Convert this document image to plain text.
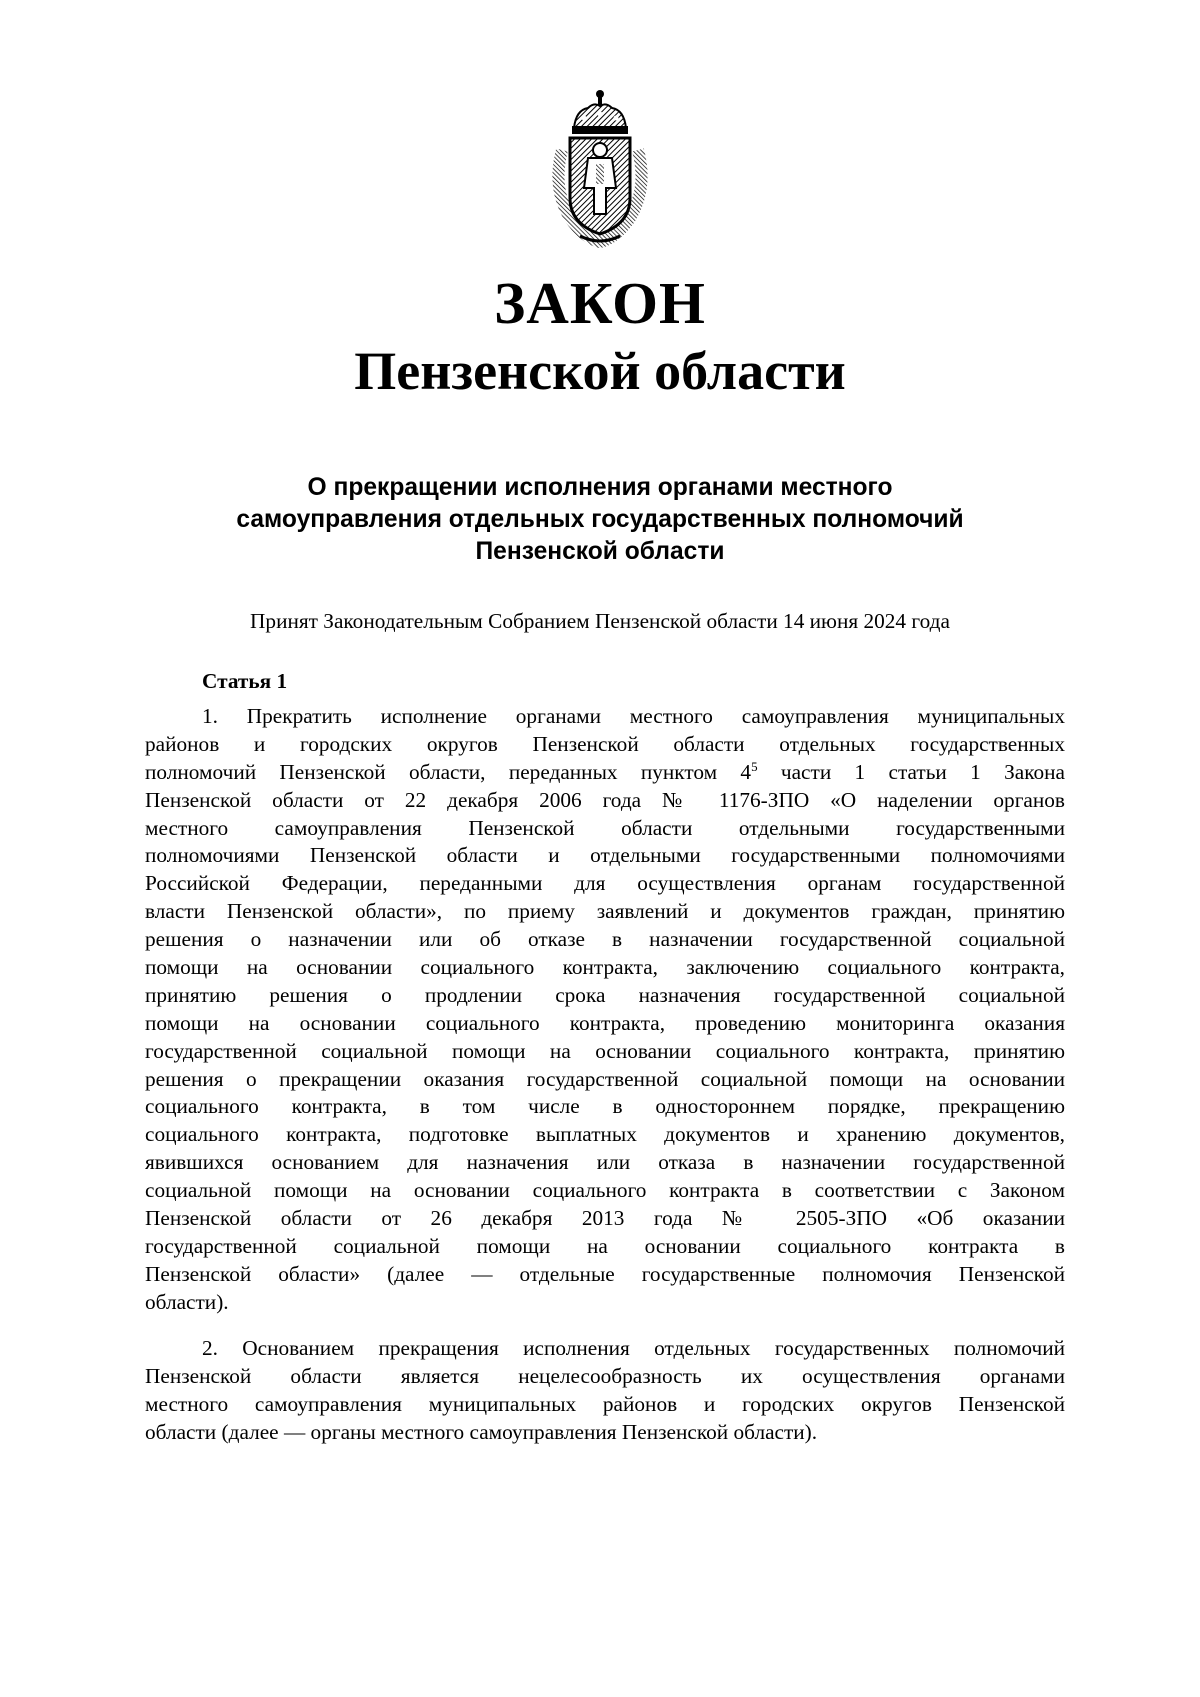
ЗАКОН
Пензенской области
О прекращении исполнения органами местного
самоуправления отдельных государственных полномочий
Пензенской области
Принят Законодательным Собранием Пензенской области 14 июня 2024 года
Статья 1
1. Прекратить исполнение органами местного самоуправления муниципальных
районов и городских округов Пензенской области отдельных государственных
полномочий Пензенской области, переданных пунктом $4^5$ части 1 статьи 1 Закона
Пензенской области от 22 декабря 2006 года № 1176-ЗПО «О наделении органов
местного самоуправления Пензенской области отдельными государственными
полномочиями Пензенской области и отдельными государственными полномочиями
Российской Федерации, переданными для осуществления органам государственной
власти Пензенской области», по приему заявлений и документов граждан, принятию
решения о назначении или об отказе в назначении государственной социальной
помощи на основании социального контракта, заключению социального контракта,
принятию решения о продлении срока назначения государственной социальной
помощи на основании социального контракта, проведению мониторинга оказания
государственной социальной помощи на основании социального контракта, принятию
решения о прекращении оказания государственной социальной помощи на основании
социального контракта, в том числе в одностороннем порядке, прекращению
социального контракта, подготовке выплатных документов и хранению документов,
явившихся основанием для назначения или отказа в назначении государственной
социальной помощи на основании социального контракта в соответствии с Законом
Пензенской области от 26 декабря 2013 года № 2505-ЗПО «Об оказании
государственной социальной помощи на основании социального контракта в
Пензенской области» (далее — отдельные государственные полномочия Пензенской
области).
2. Основанием прекращения исполнения отдельных государственных полномочий
Пензенской области является нецелесообразность их осуществления органами
местного самоуправления муниципальных районов и городских округов Пензенской
области (далее — органы местного самоуправления Пензенской области).
